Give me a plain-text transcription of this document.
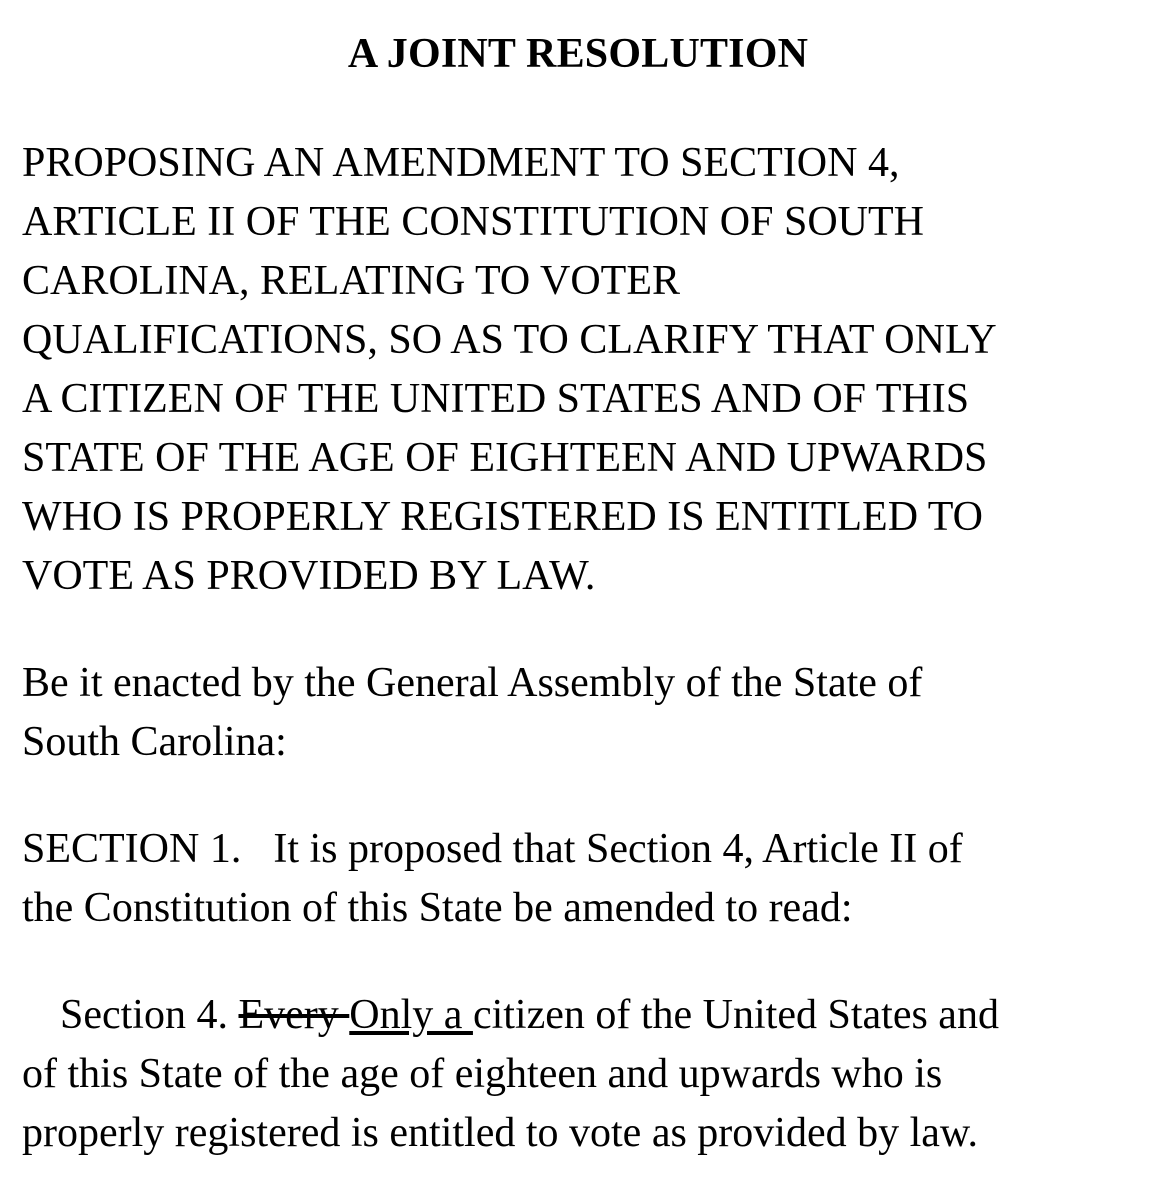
A JOINT RESOLUTION
PROPOSING AN AMENDMENT TO SECTION 4,
ARTICLE II OF THE CONSTITUTION OF SOUTH
CAROLINA, RELATING TO VOTER
QUALIFICATIONS, SO AS TO CLARIFY THAT ONLY
A CITIZEN OF THE UNITED STATES AND OF THIS
STATE OF THE AGE OF EIGHTEEN AND UPWARDS
WHO IS PROPERLY REGISTERED IS ENTITLED TO
VOTE AS PROVIDED BY LAW.
Be it enacted by the General Assembly of the State of
South Carolina:
SECTION 1. It is proposed that Section 4, Article II of
the Constitution of this State be amended to read:
Section 4. Every Only a citizen of the United States and
of this State of the age of eighteen and upwards who is
properly registered is entitled to vote as provided by law.
